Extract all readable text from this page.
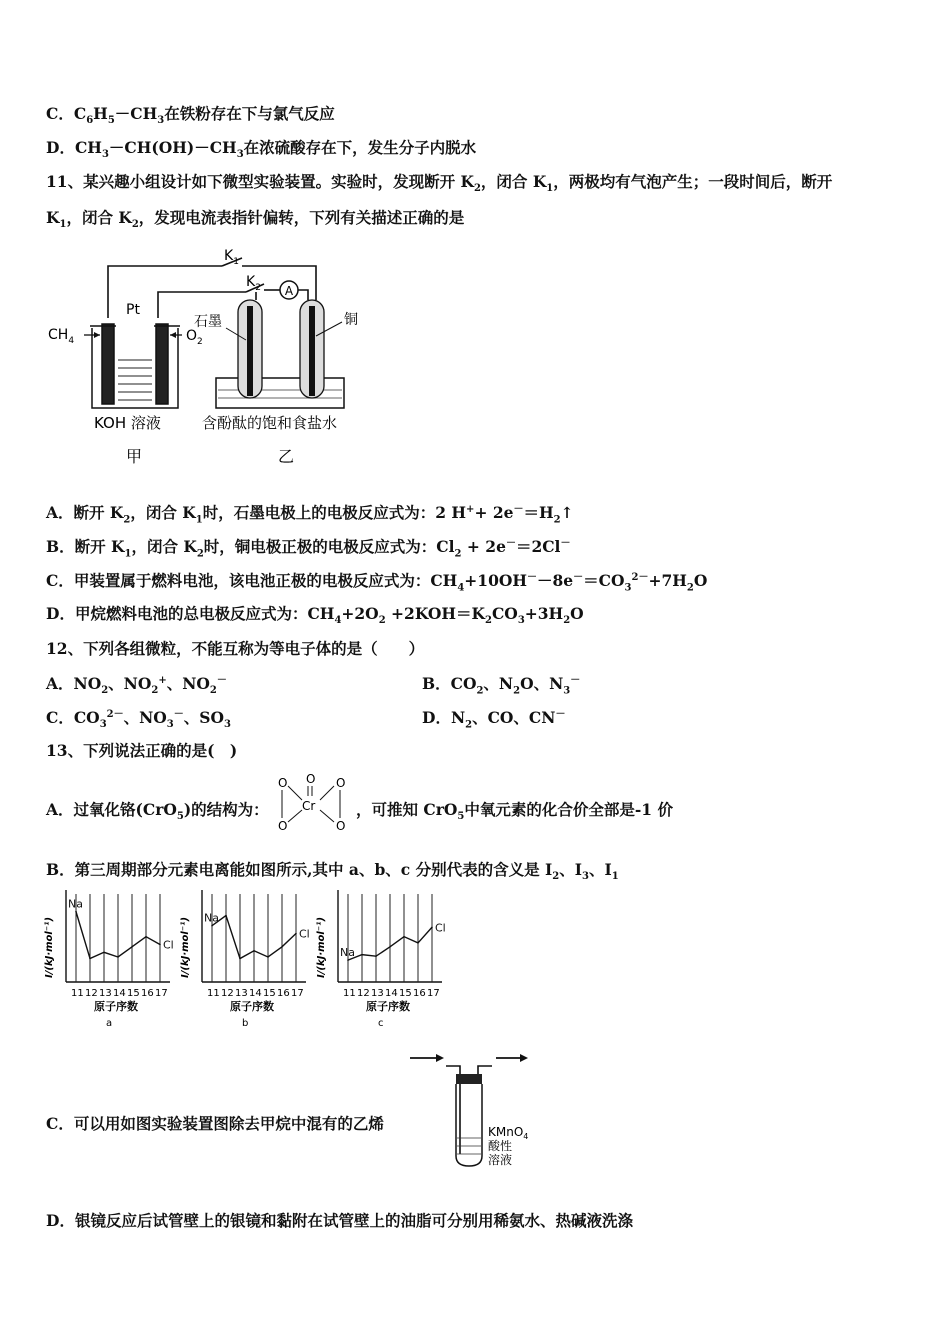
C．$C_6H_5-CH_3$在铁粉存在下与氯气反应
D．$CH_3-CH(OH)-CH_3$在浓硫酸存在下，发生分子内脱水
11、某兴趣小组设计如下微型实验装置。实验时，发现断开 $K_2$，闭合 $K_1$，两极均有气泡产生；一段时间后，断开
$K_1$，闭合 $K_2$，发现电流表指针偏转，下列有关描述正确的是
A
$K_1$
$K_2$
Pt
$CH_4$	$O_2$
KOH 溶液
甲
石墨	铜
含酚酞的饱和食盐水
乙
A．断开 $K_2$，闭合 $K_1$时，石墨电极上的电极反应式为：2 $H^++ 2e^-=H_2↑$
B．断开 $K_1$，闭合 $K_2$时，铜电极正极的电极反应式为：$Cl_2 + 2e^-=2Cl^-$
C．甲装置属于燃料电池，该电池正极的电极反应式为：$CH_4+10OH^--8e^-=CO_3^{2-}+7H_2O$
D．甲烷燃料电池的总电极反应式为：$CH_4+2O_2 +2KOH=K_2CO_3+3H_2O$
12、下列各组微粒，不能互称为等电子体的是（　　）
A．$NO_2$、$NO_2^+$、$NO_2^-$	B．$CO_2$、$N_2O$、$N_3^-$
C．$CO_3^{2-}$、$NO_3^-$、$SO_3$	D．$N_2$、CO、CN－
13、下列说法正确的是(　)
A．过氧化铬(CrO$_5$)的结构为：
O
O	O
O	O
Cr	，可推知 CrO$_5$中氧元素的化合价全部是-1 价
B．第三周期部分元素电离能如图所示,其中 a、b、c 分别代表的含义是 $I_2$、$I_3$、$I_1$
11 12 13 14 15 16 17
Na
Cl
I/(kJ·mol⁻¹)
原子序数
a
11 12 13 14 15 16 17
Na
Cl
I/(kJ·mol⁻¹)
原子序数
b
11 12 13 14 15 16 17
Na
Cl
I/(kJ·mol⁻¹)
原子序数
c
C．可以用如图实验装置图除去甲烷中混有的乙烯	KMnO$_4$
酸性
溶液
D．银镜反应后试管壁上的银镜和黏附在试管壁上的油脂可分别用稀氨水、热碱液洗涤
